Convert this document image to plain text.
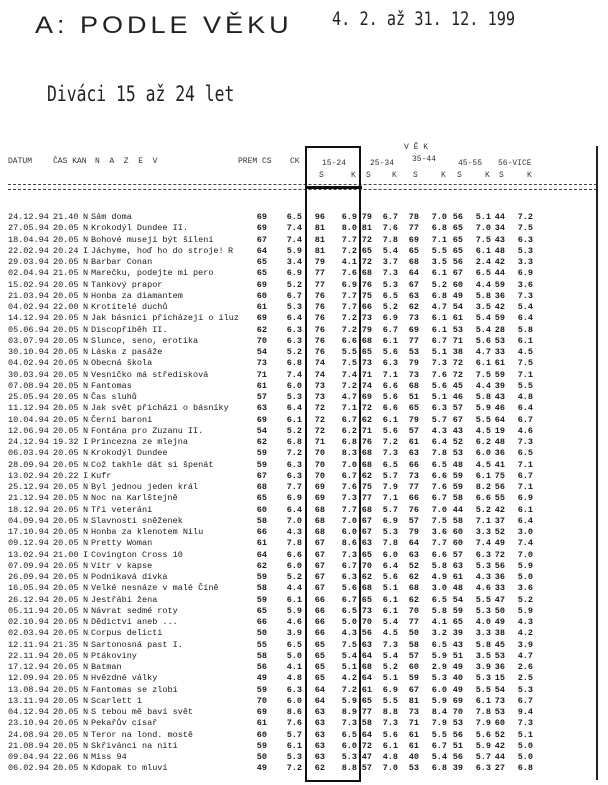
A: PODLE VĚKU 4. 2. až 31. 12. 199
Diváci 15 až 24 let
DATUM	ČAS KAN N  A  Z  E  V	PREM CS CK
V Ě K
15-24	25-34 35-44	45-55 56-VICE
S	K S	K S	K S	K S	K
24.12.94 21.40 N Sám doma	69	6.5	96	6.9 79	6.7	78	7.0 56	5.1 44	7.2
27.05.94 20.05 N Krokodýl Dundee II.	69	7.4	81	8.0 81	7.6	77	6.8 65	7.0 34	7.5
18.04.94 20.05 N Bohové musejí být šílení	67	7.4	81	7.7 72	7.8	69	7.1 65	7.5 43	6.3
22.02.94 20.24 I Jáchyme, hoď ho do stroje! R	64	5.9	81	7.2 65	5.4	65	5.5 65	6.1 48	5.3
29.03.94 20.05 N Barbar Conan	65	3.4	79	4.1 72	3.7	68	3.5 56	2.4 42	3.3
02.04.94 21.05 N Marečku, podejte mi pero	65	6.9	77	7.6 68	7.3	64	6.1 67	6.5 44	6.9
15.02.94 20.05 N Tankový prapor	69	5.2	77	6.9 76	5.3	67	5.2 60	4.4 59	3.6
21.03.94 20.05 N Honba za diamantem	60	6.7	76	7.7 75	6.5	63	6.8 49	5.8 36	7.3
04.02.94 22.00 N Krotitelé duchů	61	5.3	76	7.7 66	5.2	62	4.7 54	3.5 42	5.4
14.12.94 20.05 N Jak básníci přicházejí o iluz	69	6.4	76	7.2 73	6.9	73	6.1 61	5.4 59	6.4
05.06.94 20.05 N Discopříběh II.	62	6.3	76	7.2 79	6.7	69	6.1 53	5.4 28	5.8
03.07.94 20.05 N Slunce, seno, erotika	70	6.3	76	6.6 68	6.1	77	6.7 71	5.6 53	6.1
30.10.94 20.05 N Láska z pasáže	54	5.2	76	5.5 65	5.6	53	5.1 38	4.7 33	4.5
04.02.94 20.05 N Obecná škola	73	6.8	74	7.5 73	6.3	79	7.3 72	6.1 61	7.5
30.03.94 20.05 N Vesničko má středisková	71	7.4	74	7.4 71	7.1	73	7.6 72	7.5 59	7.1
07.08.94 20.05 N Fantomas	61	6.0	73	7.2 74	6.6	68	5.6 45	4.4 39	5.5
25.05.94 20.05 N Čas sluhů	57	5.3	73	4.7 69	5.6	51	5.1 46	5.8 43	4.8
11.12.94 20.05 N Jak svět přichází o básníky	63	6.4	72	7.1 72	6.6	65	6.3 57	5.9 46	6.4
10.04.94 20.05 N Černí baroni	69	6.1	72	6.7 62	6.1	79	5.7 67	5.5 64	6.7
12.06.94 20.05 N Fontána pro Zuzanu II.	54	5.2	72	6.2 71	5.6	57	4.3 43	4.5 19	4.6
24.12.94 19.32 I Princezna ze mlejna	62	6.8	71	6.8 76	7.2	61	6.4 52	6.2 48	7.3
06.03.94 20.05 N Krokodýl Dundee	59	7.2	70	8.3 68	7.3	63	7.8 53	6.0 36	6.5
28.09.94 20.05 N Což takhle dát si špenát	59	6.3	70	7.0 68	6.5	66	6.5 48	4.5 41	7.1
13.02.94 20.22 I Kufr	67	6.3	70	6.7 62	5.7	73	6.6 59	6.1 75	6.7
25.12.94 20.05 N Byl jednou jeden král	68	7.7	69	7.6 75	7.9	77	7.6 59	8.2 56	7.1
21.12.94 20.05 N Noc na Karlštejně	65	6.9	69	7.3 77	7.1	66	6.7 58	6.6 55	6.9
18.12.94 20.05 N Tři veteráni	60	6.4	68	7.7 68	5.7	76	7.0 44	5.2 42	6.1
04.09.94 20.05 N Slavnosti sněženek	58	7.0	68	7.0 67	6.9	57	7.5 58	7.1 37	6.4
17.10.94 20.05 N Honba za klenotem Nilu	66	4.3	68	6.0 67	5.3	79	3.6 60	3.3 52	3.0
09.12.94 20.05 N Pretty Woman	61	7.8	67	8.6 63	7.8	64	7.7 60	7.4 49	7.4
13.02.94 21.00 I Covington Cross 10	64	6.6	67	7.3 65	6.0	63	6.6 57	6.3 72	7.0
07.09.94 20.05 N Vítr v kapse	62	6.0	67	6.7 70	6.4	52	5.8 63	5.3 56	5.9
26.09.94 20.05 N Podnikavá dívka	59	5.2	67	6.3 62	5.6	62	4.9 61	4.3 36	5.0
16.05.94 20.05 N Velké nesnáze v malé Číně	58	4.4	67	5.6 68	5.1	68	3.0 48	4.6 33	3.6
26.12.94 20.05 N Jestřábí žena	59	6.1	66	6.7 65	6.1	62	6.5 54	5.5 47	5.2
05.11.94 20.05 N Návrat sedmé roty	65	5.9	66	6.5 73	6.1	70	5.8 59	5.3 50	5.9
02.10.94 20.05 N Dědictví aneb ...	66	4.6	66	5.0 70	5.4	77	4.1 65	4.0 49	4.3
02.03.94 20.05 N Corpus delicti	50	3.9	66	4.3 56	4.5	50	3.2 39	3.3 38	4.2
12.11.94 21.35 N Sartonosná past I.	55	6.5	65	7.5 63	7.3	58	6.5 43	5.8 45	3.9
22.11.94 20.05 N Ptákoviny	58	5.0	65	5.4 64	5.4	57	5.9 51	3.5 53	4.7
17.12.94 20.05 N Batman	56	4.1	65	5.1 68	5.2	60	2.9 49	3.9 36	2.6
12.09.94 20.05 N Hvězdné války	49	4.8	65	4.2 64	5.1	59	5.3 40	5.3 15	2.5
13.08.94 20.05 N Fantomas se zlobí	59	6.3	64	7.2 61	6.9	67	6.0 49	5.5 54	5.3
13.11.94 20.05 N Scarlett 1	70	6.0	64	5.9 65	5.5	81	5.9 69	6.1 73	6.7
04.12.94 20.05 N S tebou mě baví svět	69	8.6	63	8.9 77	8.8	73	8.4 70	7.8 53	9.4
23.10.94 20.05 N Pekařův císař	61	7.6	63	7.3 58	7.3	71	7.9 53	7.9 60	7.3
24.08.94 20.05 N Teror na lond. mostě	60	5.7	63	6.5 64	5.6	61	5.5 56	5.6 52	5.1
21.08.94 20.05 N Skřivánci na niti	59	6.1	63	6.0 72	6.1	61	6.7 51	5.9 42	5.0
09.04.94 22.06 N Miss 94	50	5.3	63	5.3 47	4.8	40	5.4 56	5.7 44	5.0
06.02.94 20.05 N Kdopak to mluví	49	7.2	62	8.8 57	7.0	53	6.8 39	6.3 27	6.8
